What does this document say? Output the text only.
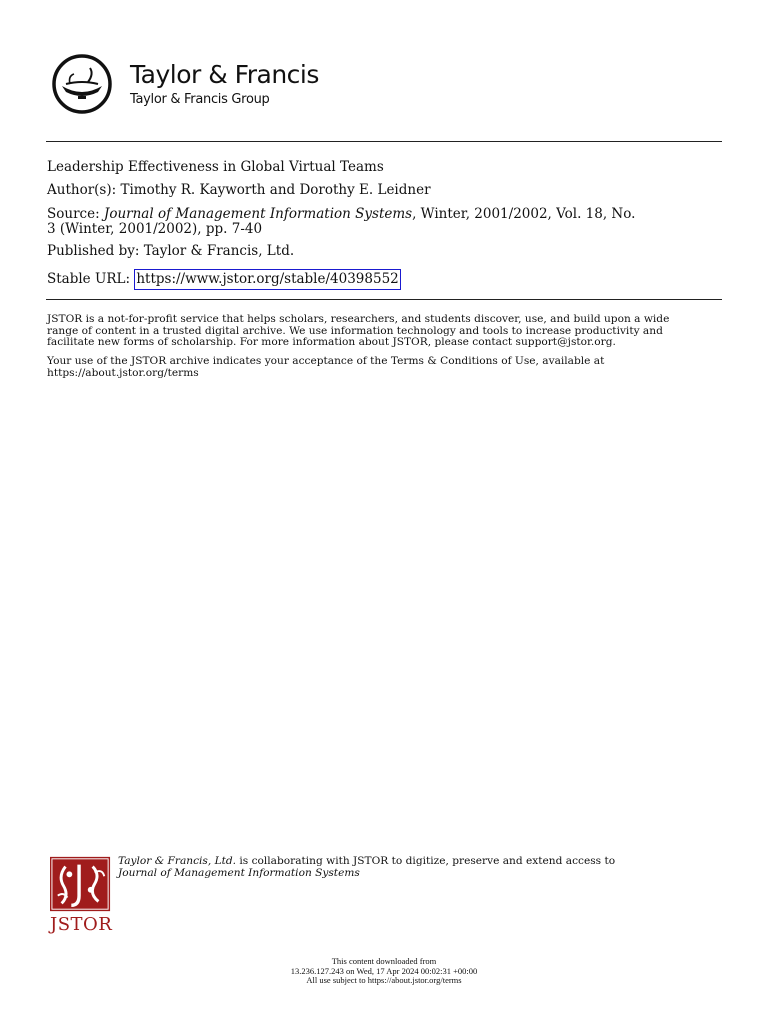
Taylor & Francis
Taylor & Francis Group
Leadership Effectiveness in Global Virtual Teams
Author(s): Timothy R. Kayworth and Dorothy E. Leidner
Source: Journal of Management Information Systems, Winter, 2001/2002, Vol. 18, No.
3 (Winter, 2001/2002), pp. 7-40
Published by: Taylor & Francis, Ltd.
Stable URL: https://www.jstor.org/stable/40398552
JSTOR is a not-for-profit service that helps scholars, researchers, and students discover, use, and build upon a wide
range of content in a trusted digital archive. We use information technology and tools to increase productivity and
facilitate new forms of scholarship. For more information about JSTOR, please contact support@jstor.org.
Your use of the JSTOR archive indicates your acceptance of the Terms & Conditions of Use, available at
https://about.jstor.org/terms
JSTOR
Taylor & Francis, Ltd. is collaborating with JSTOR to digitize, preserve and extend access to
Journal of Management Information Systems
This content downloaded from
13.236.127.243 on Wed, 17 Apr 2024 00:02:31 +00:00
All use subject to https://about.jstor.org/terms
